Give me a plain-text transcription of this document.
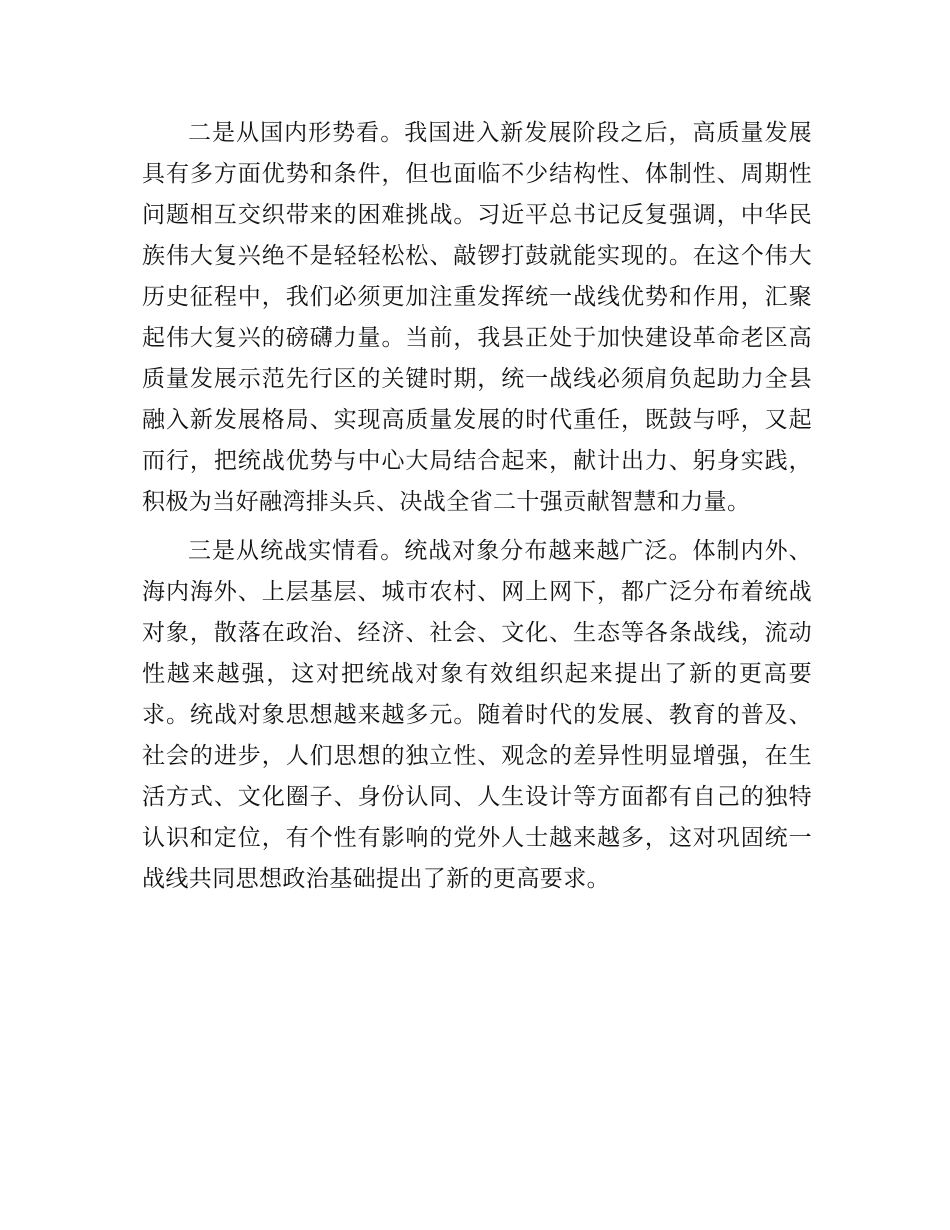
二是从国内形势看。我国进入新发展阶段之后，高质量发展具有多方面优势和条件，但也面临不少结构性、体制性、周期性问题相互交织带来的困难挑战。习近平总书记反复强调，中华民族伟大复兴绝不是轻轻松松、敲锣打鼓就能实现的。在这个伟大历史征程中，我们必须更加注重发挥统一战线优势和作用，汇聚起伟大复兴的磅礴力量。当前，我县正处于加快建设革命老区高质量发展示范先行区的关键时期，统一战线必须肩负起助力全县融入新发展格局、实现高质量发展的时代重任，既鼓与呼，又起而行，把统战优势与中心大局结合起来，献计出力、躬身实践，积极为当好融湾排头兵、决战全省二十强贡献智慧和力量。

三是从统战实情看。统战对象分布越来越广泛。体制内外、海内海外、上层基层、城市农村、网上网下，都广泛分布着统战对象，散落在政治、经济、社会、文化、生态等各条战线，流动性越来越强，这对把统战对象有效组织起来提出了新的更高要求。统战对象思想越来越多元。随着时代的发展、教育的普及、社会的进步，人们思想的独立性、观念的差异性明显增强，在生活方式、文化圈子、身份认同、人生设计等方面都有自己的独特认识和定位，有个性有影响的党外人士越来越多，这对巩固统一战线共同思想政治基础提出了新的更高要求。
